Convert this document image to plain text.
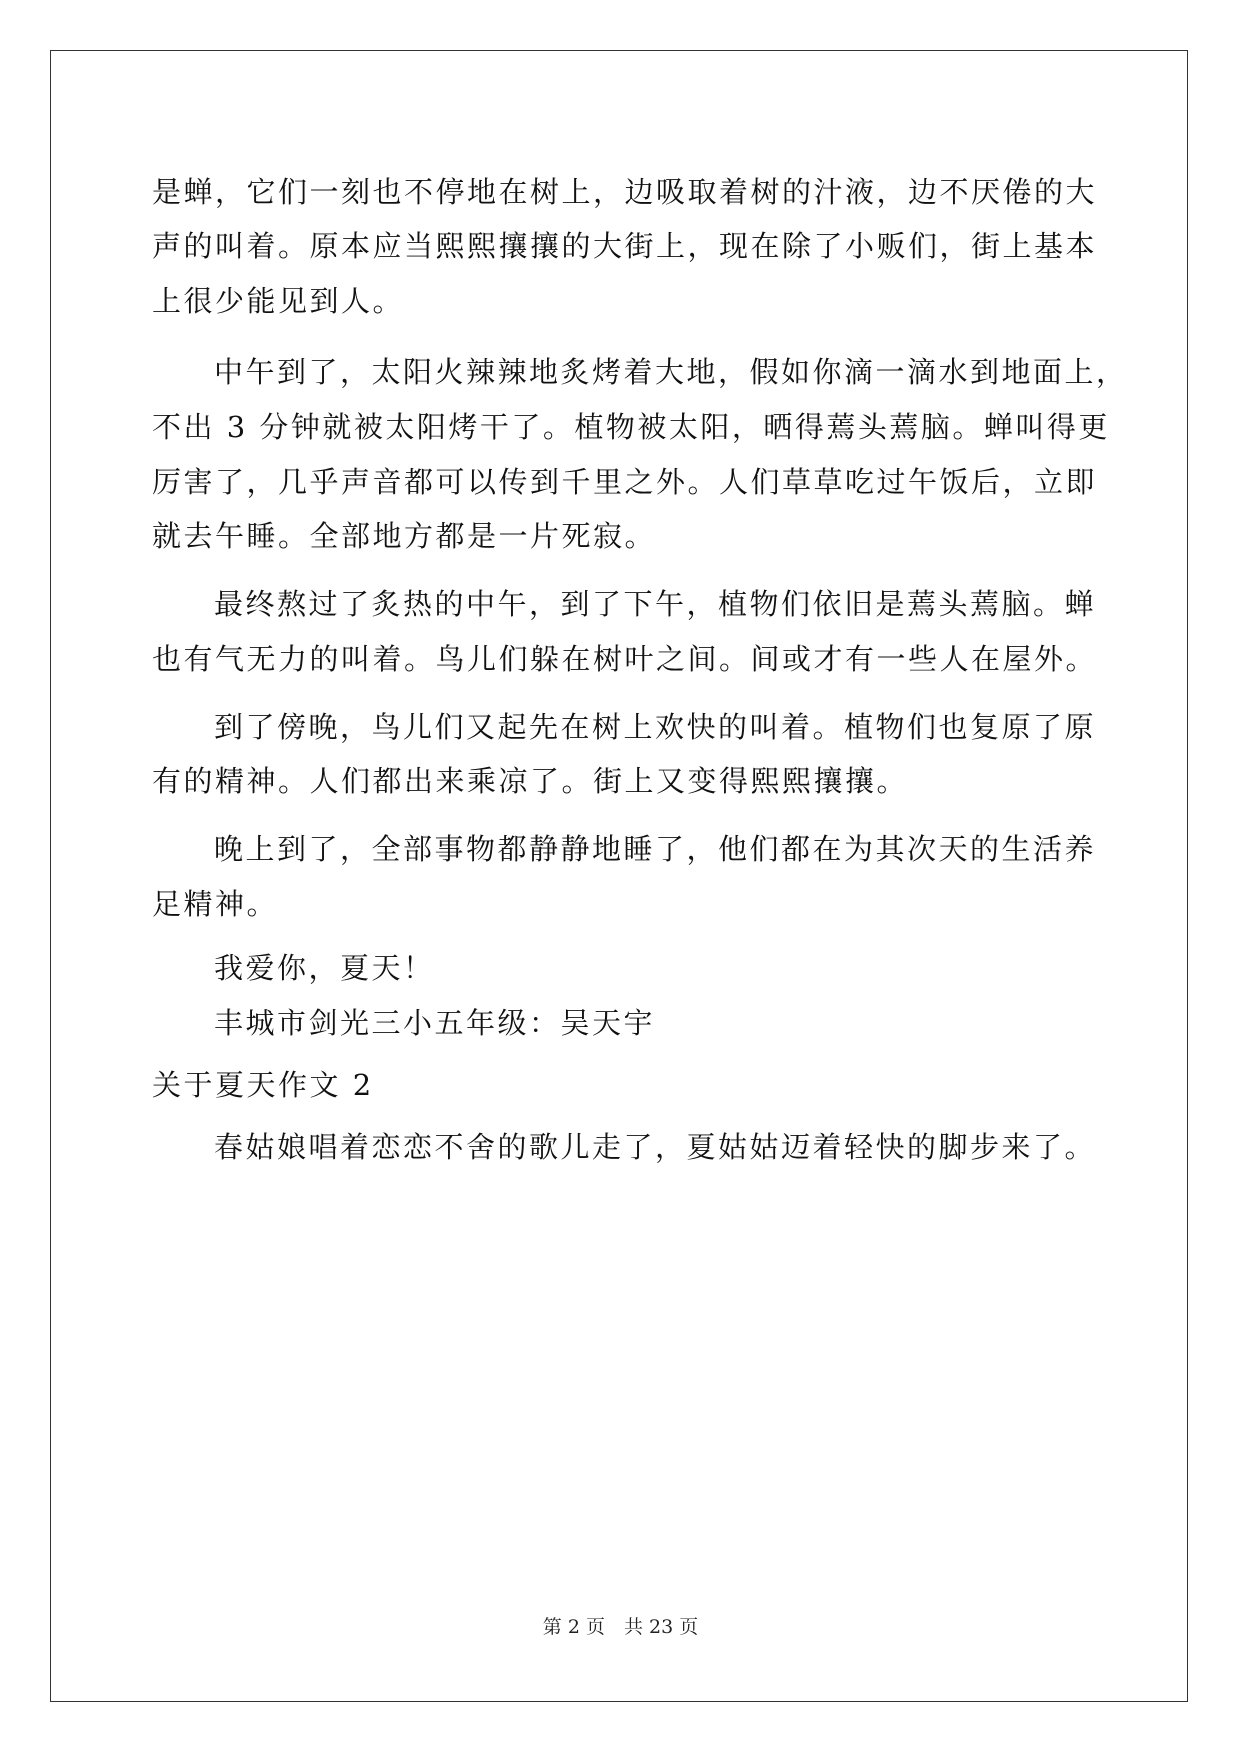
是蝉，它们一刻也不停地在树上，边吸取着树的汁液，边不厌倦的大
声的叫着。原本应当熙熙攘攘的大街上，现在除了小贩们，街上基本
上很少能见到人。
中午到了，太阳火辣辣地炙烤着大地，假如你滴一滴水到地面上，
不出 3 分钟就被太阳烤干了。植物被太阳，晒得蔫头蔫脑。蝉叫得更
厉害了，几乎声音都可以传到千里之外。人们草草吃过午饭后，立即
就去午睡。全部地方都是一片死寂。
最终熬过了炙热的中午，到了下午，植物们依旧是蔫头蔫脑。蝉
也有气无力的叫着。鸟儿们躲在树叶之间。间或才有一些人在屋外。
到了傍晚，鸟儿们又起先在树上欢快的叫着。植物们也复原了原
有的精神。人们都出来乘凉了。街上又变得熙熙攘攘。
晚上到了，全部事物都静静地睡了，他们都在为其次天的生活养
足精神。
我爱你，夏天！
丰城市剑光三小五年级：吴天宇
关于夏天作文 2
春姑娘唱着恋恋不舍的歌儿走了，夏姑姑迈着轻快的脚步来了。
第 2 页　共 23 页
